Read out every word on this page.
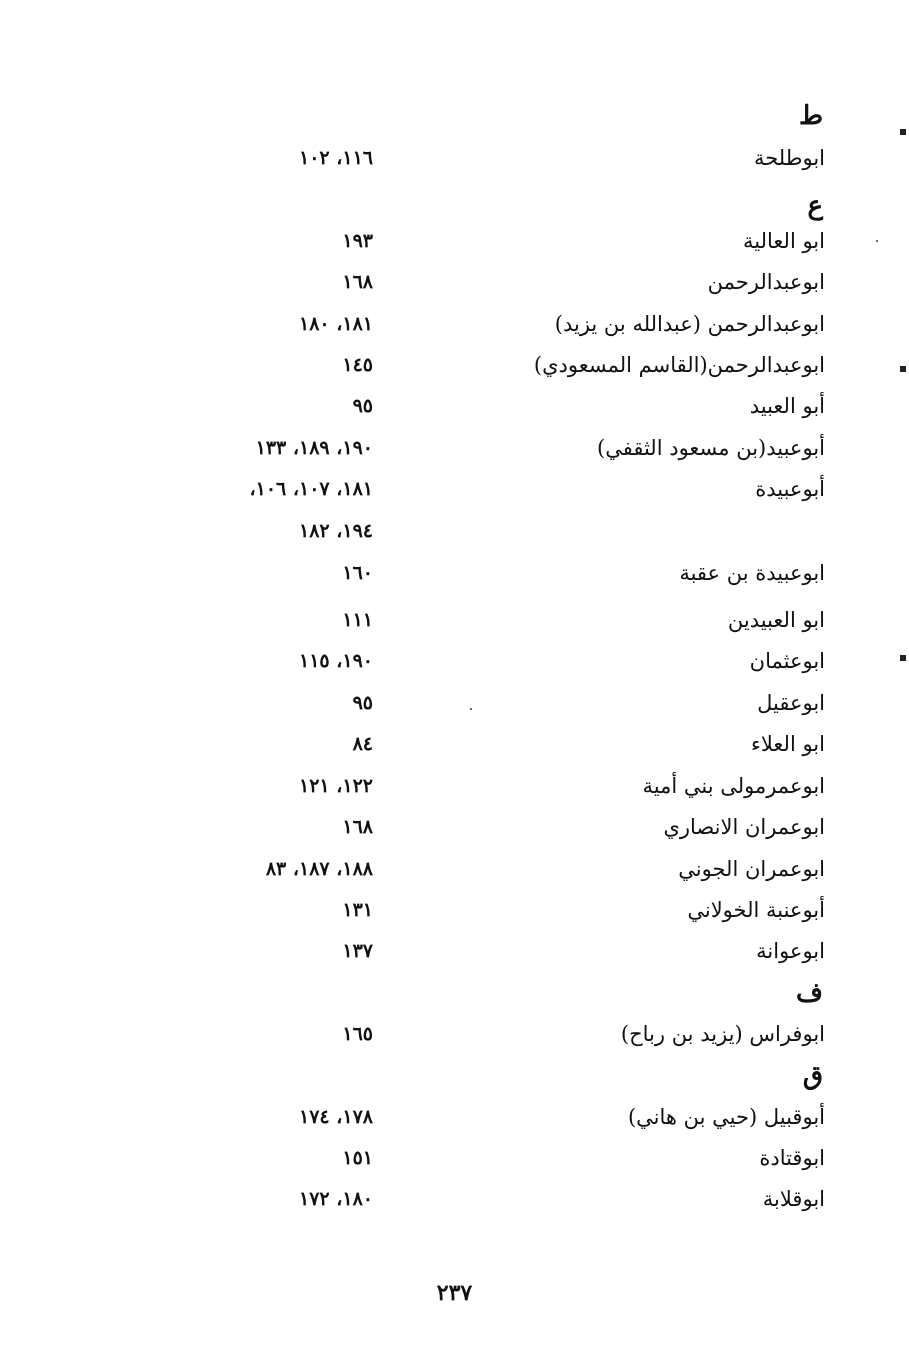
ط
ابوطلحة
١١٦، ١٠٢
ع
ابو العالية
١٩٣
ابوعبدالرحمن
١٦٨
ابوعبدالرحمن (عبدالله بن يزيد)
١٨١، ١٨٠
ابوعبدالرحمن(القاسم المسعودي)
١٤٥
أبو العبيد
٩٥
أبوعبيد(بن مسعود الثقفي)
١٩٠، ١٨٩، ١٣٣
أبوعبيدة
١٨١، ١٠٧، ١٠٦،
١٩٤، ١٨٢
ابوعبيدة بن عقبة
١٦٠
ابو العبيدين
١١١
ابوعثمان
١٩٠، ١١٥
ابوعقيل
٩٥
ابو العلاء
٨٤
ابوعمرمولى بني أمية
١٢٢، ١٢١
ابوعمران الانصاري
١٦٨
ابوعمران الجوني
١٨٨، ١٨٧، ٨٣
أبوعنبة الخولاني
١٣١
ابوعوانة
١٣٧
ف
ابوفراس (يزيد بن رباح)
١٦٥
ق
أبوقبيل (حيي بن هاني)
١٧٨، ١٧٤
ابوقتادة
١٥١
ابوقلابة
١٨٠، ١٧٢
٢٣٧
